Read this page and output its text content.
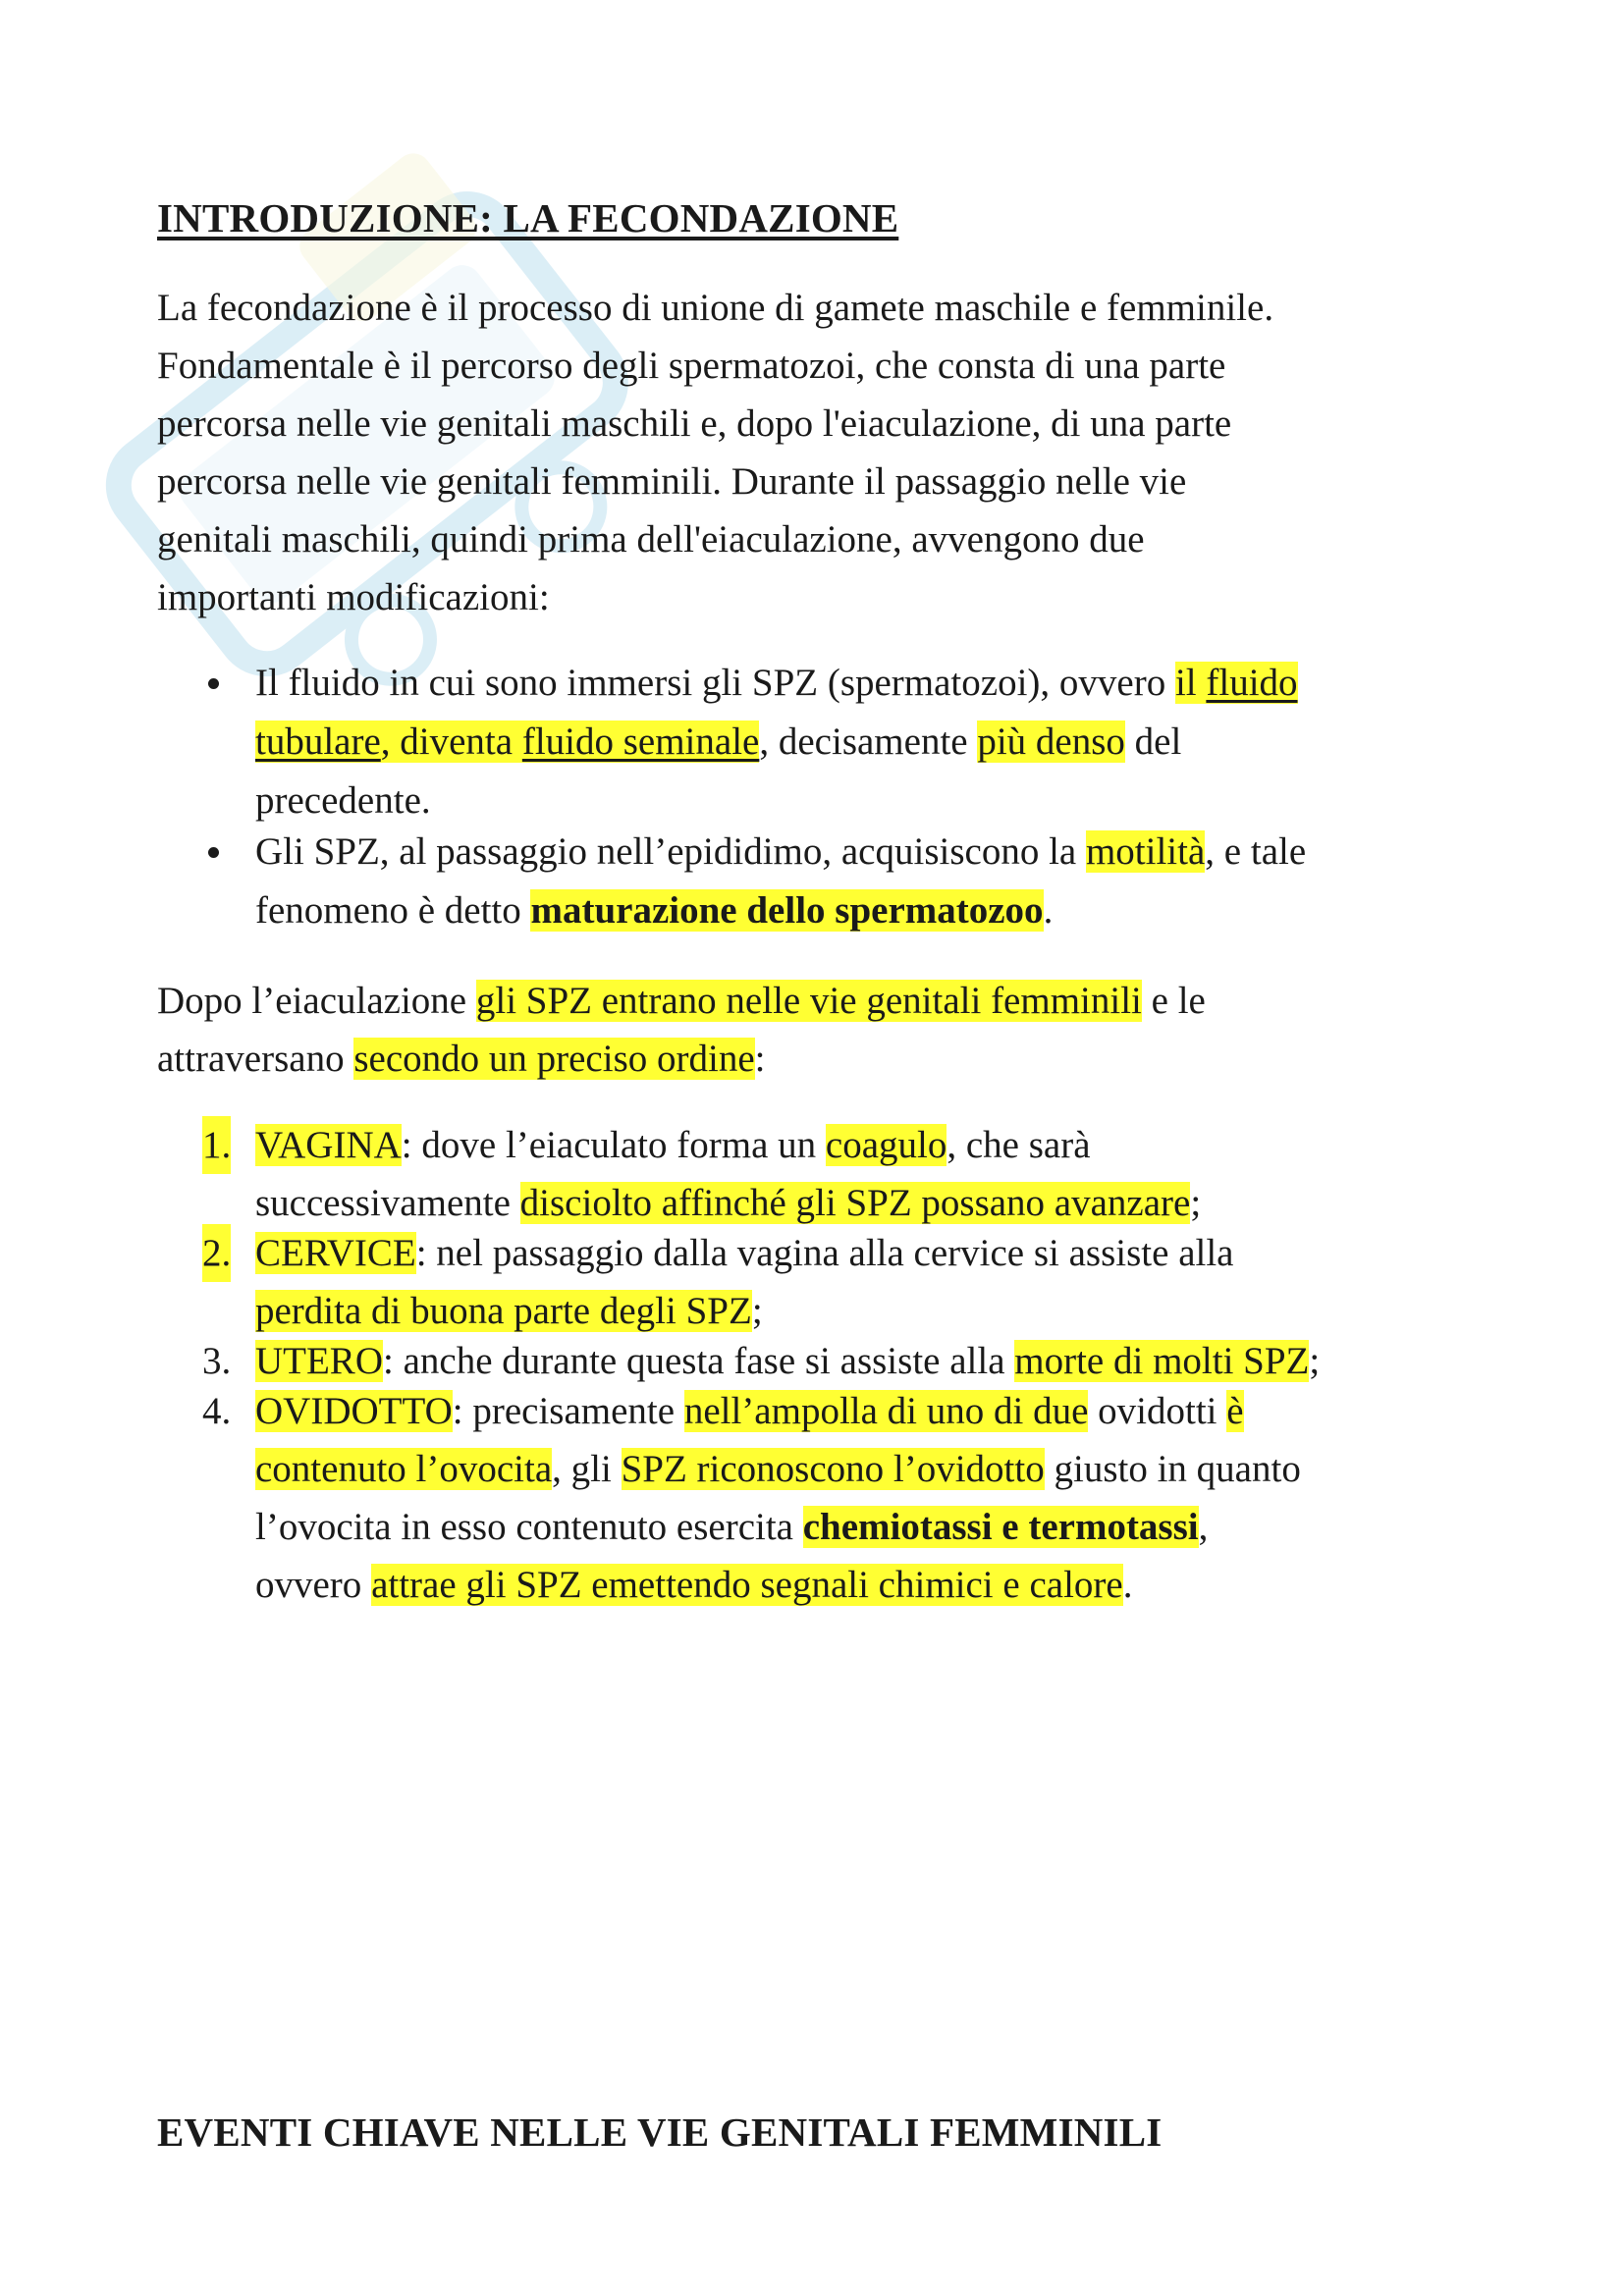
INTRODUZIONE: LA FECONDAZIONE

La fecondazione è il processo di unione di gamete maschile e femminile.
Fondamentale è il percorso degli spermatozoi, che consta di una parte
percorsa nelle vie genitali maschili e, dopo l'eiaculazione, di una parte
percorsa nelle vie genitali femminili. Durante il passaggio nelle vie
genitali maschili, quindi prima dell'eiaculazione, avvengono due
importanti modificazioni:

Il fluido in cui sono immersi gli SPZ (spermatozoi), ovvero il fluido
tubulare, diventa fluido seminale, decisamente più denso del
precedente.
Gli SPZ, al passaggio nell’epididimo, acquisiscono la motilità, e tale
fenomeno è detto maturazione dello spermatozoo.

Dopo l’eiaculazione gli SPZ entrano nelle vie genitali femminili e le
attraversano secondo un preciso ordine:

1. VAGINA: dove l’eiaculato forma un coagulo, che sarà
successivamente disciolto affinché gli SPZ possano avanzare;
2. CERVICE: nel passaggio dalla vagina alla cervice si assiste alla
perdita di buona parte degli SPZ;
3. UTERO: anche durante questa fase si assiste alla morte di molti SPZ;
4. OVIDOTTO: precisamente nell’ampolla di uno di due ovidotti è
contenuto l’ovocita, gli SPZ riconoscono l’ovidotto giusto in quanto
l’ovocita in esso contenuto esercita chemiotassi e termotassi,
ovvero attrae gli SPZ emettendo segnali chimici e calore.
EVENTI CHIAVE NELLE VIE GENITALI FEMMINILI
